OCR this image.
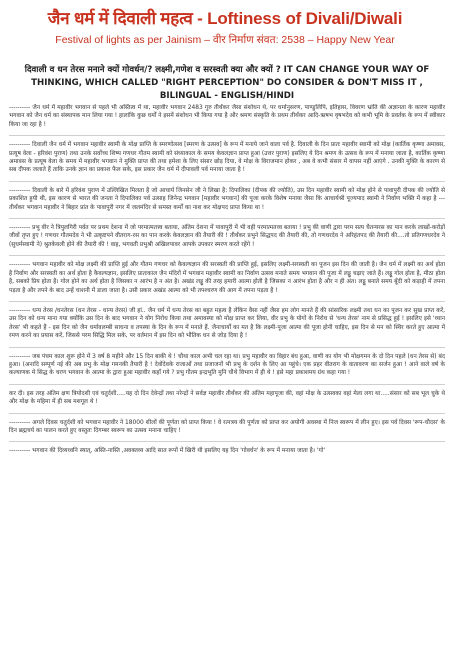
जैन धर्म में दिवाली महत्व - Loftiness of Divali/Diwali
Festival of lights as per Jainism – वीर निर्माण संवत: 2538 – Happy New Year
दिवाली व धन तेरस मनाने क्यों गोवर्धन/? लक्ष्मी,गणेश व सरस्वती क्या और क्यों ? IT CAN CHANGE YOUR WAY OF THINKING, WHICH CALLED "RIGHT PERCEPTION" DO CONSIDER & DON'T MISS IT , BILINGUAL - ENGLISH/HINDI

---------- जैन धर्म में महावीर भगवान से पहले भी अस्तित्व में था, महावीर भगवान 2483 गुरु तीर्थंकर जैसा संशोधन थे, पर धर्मानुसरण, पाण्डुलिपि, इतिहास, विवरण भ्रांति की अज्ञानता के कारण महावीर भगवान को जैन धर्म का संस्थापक मान लिया गया ! हालांकि कुछ धर्मों ने इसमें संशोधन भी किया गया है और श्रमण संस्कृति के प्रथम तीर्थंकर आदि-ऋषभ वृषभदेव को कभी भूमि के प्रवर्तक के रूप में स्वीकार किया जा रहा है !

---------- दिवाली जैन धर्म में भगवान महावीर स्वामी के मोक्ष प्राप्ति के स्मरणोत्सव [स्मरण के उत्सव] के रूप में मनाये जाने वाला पर्व है. दिवाली के दिन प्रातः महावीर स्वामी को मोक्ष (कार्तिक कृष्णा अमावस, प्रत्यूष वेला - हरिवंश पुराण) तथा उनके सर्वोच्च शिष्य गणधर गौतम स्वामी को संध्याकाल के समय केवलज्ञान प्राप्त हुआ (उत्तर पुराण) इसलिए ये दिन श्रमण के उत्सव के रूप में मनाया जाता है, कार्तिक कृष्णा अमावस के प्रत्यूष वेला के समय में महावीर भगवान ने मुक्ति प्राप्त की तथा हमेशा के लिए संसार छोड़ दिया, वे मोक्ष के विराजमान होकर , अब वे कभी संसार में वापस नहीं आएंगे . उनकी मुक्ति के कारण से सब दीपक जलाते हैं ताकि उनके ज्ञान का प्रकाश फैल सके, इस प्रकार जैन धर्म में दीपावली पर्व मनाया जाता है !

---------- दिवाली के बारे में हरिवंश पुराण में उल्लिखित मिलता है जो आचार्य जिनसेन जी ने लिखा है: दिपालिका (दीपक की ज्योति), उस दिन महावीर स्वामी को मोक्ष होने से पावापुरी दीपक की ज्योति से प्रकाशित हुयी थी, इस कारण से भारत की जनता ने दिपालिका पर्व उत्साह जिनेन्द्र भगवान [महावीर भगवान] की पूजा करके विशेष मनाया जैसा कि आचार्यश्री पूज्यपाद स्वामी ने निर्वाण भक्ति में कहा है --- तीर्थंकर भगवान महावीर ने बिहार प्रांत के पावापुरी नगर में जलमंदिर से समस्त कर्मों का नाश कर मोक्षपद प्राप्त किया था !

---------- प्रभु वीर ने त्रिपुलगिरी पर्वत पर प्रथम देशना में जो परमात्मतत्त्व बताया, अंतिम देशना में पावापुरी में भी वही परमात्मतत्त्व बताया ! प्रभु की वाणी द्वारा परम सत्य चैतन्यरस का पान करके लाखों-करोड़ों जीवों तृप्त हुए ! गणधर गौतमदेव ने भी उत्कृष्टपने वीतराग-रस का पान करके केवलज्ञान की तैयारी की ! तीर्थंकर प्रभुने सिद्धपद की तैयारी की, तो गणधरदेव ने अरिहंतपद की तैयारी की....तो प्रतिगणधरदेव ने (सुधर्मस्वामी ने) श्रुतकेवली होने की तैयारी की ! वाह, भगवती प्रभुश्री अखिलपावर आपके उपकार स्मरण करते रहेंगे !

---------- भगवान महावीर को मोक्ष लक्ष्मी की प्राप्ति हुई और गौतम गणधर को कैवल्यज्ञान की सरस्वती की प्राप्ति हुई, इसलिए लक्ष्मी-सरस्वती का पूजन इस दिन की जाती है। जैन धर्म में लक्ष्मी का अर्थ होता है निर्वाण और सरस्वती का अर्थ होता है कैवल्यज्ञान, इसलिए प्रातःकाल जैन मंदिरों में भगवान महावीर स्वामी का निर्वाण उत्सव मनाते समय भगवान की पूजा में लड्डू चढ़ाए जाते हैं। लड्डू गोल होता है, मीठा होता है, सबको प्रिय होता है। गोल होने का अर्थ होता है जिसका न आरंभ है न अंत है। अखंड लड्डू की तरह हमारी आत्मा होती है जिसका न आरंभ होता है और न ही अंत। लड्डू बनाते समय बूँदी को कड़ाही में तपना पड़ता है और तपने के बाद उन्हें चाशनी में डाला जाता है। उसी प्रकार अखंड आत्मा को भी तपश्चरण की आग में तपना पड़ता है !

---------- धन्य तेरस /धनतेरस (धन तेरस - धान्य तेरस) जी हां.. जैन धर्म में धन्य तेरस का बहुत महत्व है लेकिन वैसा नहीं जैसा हम लोग मानते हैं की सांसारिक लक्ष्मी तथा धन का पूजन कर सुख प्राप्त करें, उस दिन को धन्य माना गया क्योंकि उस दिन के बाद भगवान ने योग निरोध किया तथा अमावस्या को मोक्ष प्राप्त कर लिया, वीर प्रभु के योगों के निरोध से 'धन्य तेरस' नाम से प्रसिद्ध हुई ! इसलिए इसे 'ध्यान तेरस' भी कहते हैं - इस दिन को जैन धर्मावलम्बी साधना व तपस्या के दिन के रूप में मनाते हैं. जैनाचार्यों का मत है कि लक्ष्मी-पूजा आत्मा की पूजा होनी चाहिए, इस दिन से मन को स्थिर करते हुए आत्मा में रमण करने का प्रयास करें, जिससे परम सिद्धि मिल सके, पर वर्तमान में इस दिन को भौतिक धन से जोड़ दिया है !

---------- जब पंचम काल शुरू होने में 3 वर्ष 8 महीने और 15 दिन बाकी थे ! चौथा काल अभी चल रहा था। प्रभु महावीर का विहार बंध हुआ, वाणी का योग भी मोक्षगमन के दो दिन पहले (धन तेरस से) बंद हुआ। (अनादि सम्पूर्ण नई की अब प्रभु के मोक्ष गमनकी तैयारी है ! देवोंदेवके राजाओं तथा प्रजाजनों भी प्रभु के दर्शन के लिए आ पहुंचे। एक प्रहर वीतराग के वातावरण का सर्जन हुआ ! आने वाले वर्ष के कल्याणक मे सिद्ध के चरण भगवान के आत्मा के द्वारा हुआ महावीर कहाँ गये ? प्रभु गौतम इन्द्रभूति मुनि चौथे विभाग में ही थे ! इसे महा प्रकाशमय ग्रंथ कहा गया !

कर दी। इस तरह अंतिम क्षण त्रियोदशी एवं चतुर्दशी.....यह दो दिन देवेन्द्रों तथा नरेन्द्रों ने सर्वज्ञ महावीर तीर्थंकर की अंतिम महापूजा की, वहां मोक्ष के उत्सवका वहां मेला लगा था.....संसार को सब भूल चुके थे और मोक्ष के महिमा में ही सब मशगूल थे !

---------- अगले दिवस चतुर्दशी को भगवान महावीर ने 18000 शीलों की पूर्णता को प्राप्त किया ! वे रत्नत्रय की पूर्णता को प्राप्त कर अयोगी अवस्था में निज स्वरूप में लीन हुए। इस पर्व दिवस 'रूप-चौदस' के दिन ब्रह्मचर्य का पालन करते हुए वस्तुतः दिगम्बर स्वरूप का उत्सव मनाना चाहिए !

---------- भगवान की दिव्यध्वनि स्यात्, अस्ति-नास्ति ,अवक्तव्य आदि सात रूपों में खिरी थी इसलिए यह दिन 'गोवर्धन' के रूप में मनाया जाता है। 'गो'
